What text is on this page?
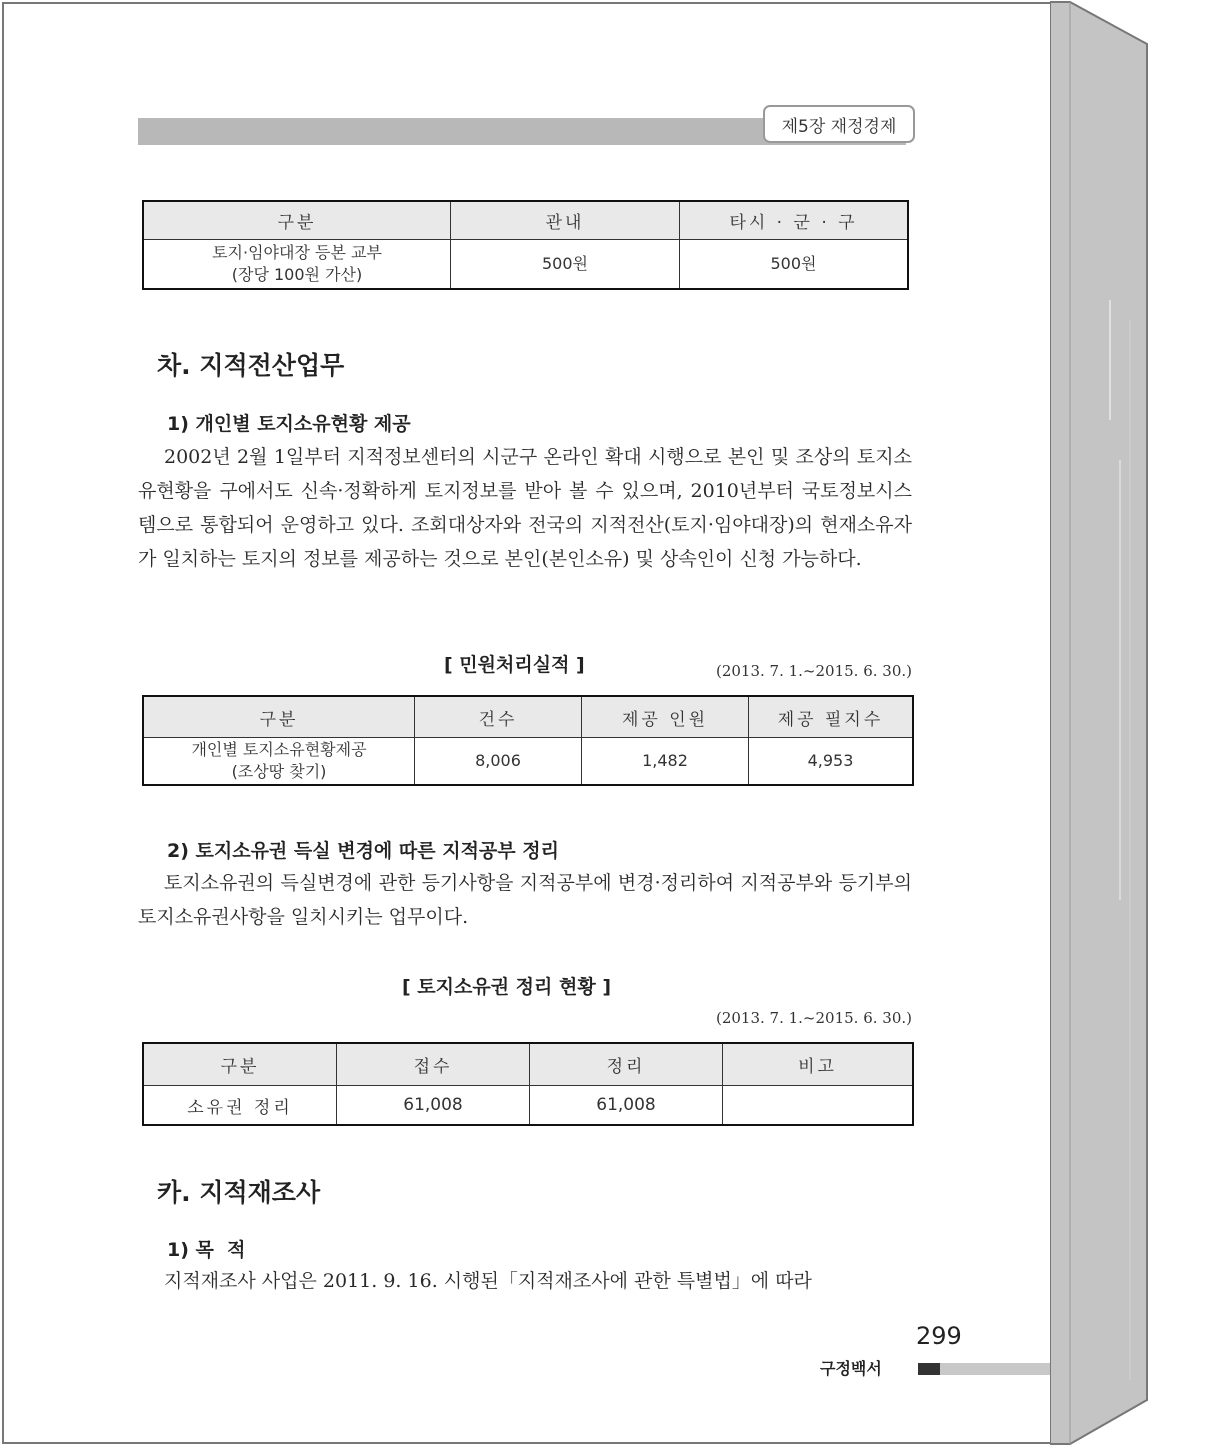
제5장 재정경제
구분	관내	타시 · 군 · 구

토지·임야대장 등본 교부
(장당 100원 가산)	500원	500원
차. 지적전산업무
1) 개인별 토지소유현황 제공

2002년 2월 1일부터 지적정보센터의 시군구 온라인 확대 시행으로 본인 및 조상의 토지소유현황을 구에서도 신속·정확하게 토지정보를 받아 볼 수 있으며, 2010년부터 국토정보시스템으로 통합되어 운영하고 있다. 조회대상자와 전국의 지적전산(토지·임야대장)의 현재소유자가 일치하는 토지의 정보를 제공하는 것으로 본인(본인소유) 및 상속인이 신청 가능하다.

[ 민원처리실적 ]	(2013. 7. 1.~2015. 6. 30.)

구분	건수	제공 인원	제공 필지수

개인별 토지소유현황제공
(조상땅 찾기)	8,006	1,482	4,953
2) 토지소유권 득실 변경에 따른 지적공부 정리

토지소유권의 득실변경에 관한 등기사항을 지적공부에 변경·정리하여 지적공부와 등기부의 토지소유권사항을 일치시키는 업무이다.

[ 토지소유권 정리 현황 ]

(2013. 7. 1.~2015. 6. 30.)

구분	접수	정리	비고
소유권 정리	61,008	61,008	
카. 지적재조사
1) 목  적

지적재조사 사업은 2011. 9. 16. 시행된「지적재조사에 관한 특별법」에 따라

299
구정백서
